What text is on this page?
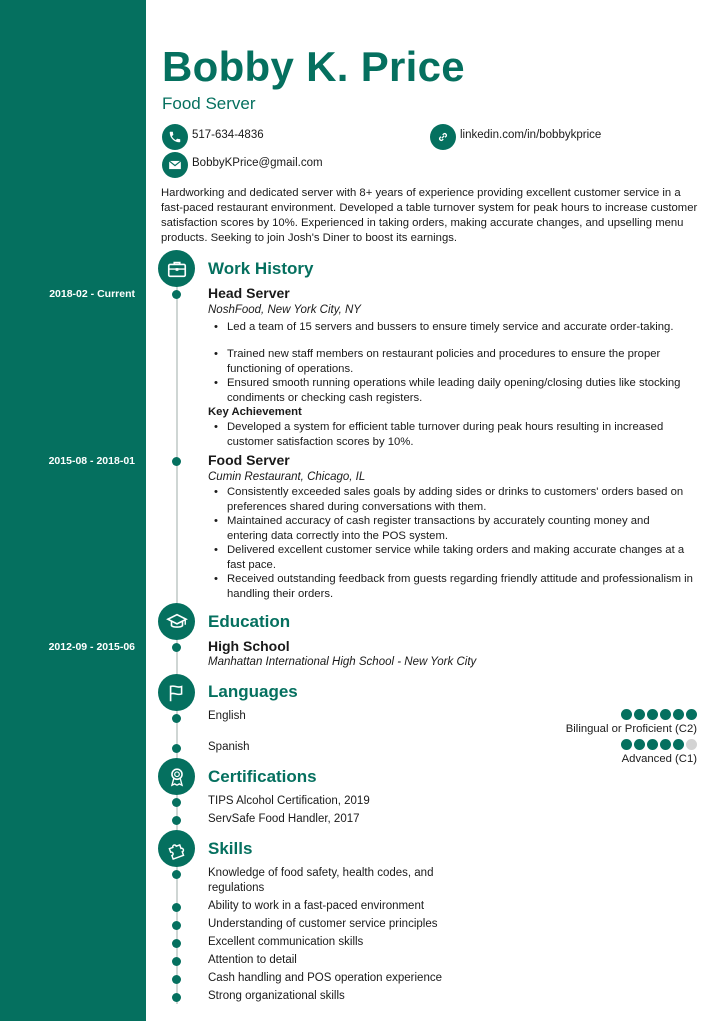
Bobby K. Price
Food Server
517-634-4836
BobbyKPrice@gmail.com
linkedin.com/in/bobbykprice
Hardworking and dedicated server with 8+ years of experience providing excellent customer service in a fast-paced restaurant environment. Developed a table turnover system for peak hours to increase customer satisfaction scores by 10%. Experienced in taking orders, making accurate changes, and upselling menu products. Seeking to join Josh's Diner to boost its earnings.
Work History
2018-02 - Current	Head Server
NoshFood, New York City, NY
• Led a team of 15 servers and bussers to ensure timely service and accurate order-taking.
• Trained new staff members on restaurant policies and procedures to ensure the proper functioning of operations.
• Ensured smooth running operations while leading daily opening/closing duties like stocking condiments or checking cash registers.
Key Achievement
• Developed a system for efficient table turnover during peak hours resulting in increased customer satisfaction scores by 10%.
2015-08 - 2018-01	Food Server
Cumin Restaurant, Chicago, IL
• Consistently exceeded sales goals by adding sides or drinks to customers' orders based on preferences shared during conversations with them.
• Maintained accuracy of cash register transactions by accurately counting money and entering data correctly into the POS system.
• Delivered excellent customer service while taking orders and making accurate changes at a fast pace.
• Received outstanding feedback from guests regarding friendly attitude and professionalism in handling their orders.
Education
2012-09 - 2015-06	High School
Manhattan International High School - New York City
Languages
English
Bilingual or Proficient (C2)
Spanish
Advanced (C1)
Certifications
TIPS Alcohol Certification, 2019
ServSafe Food Handler, 2017
Skills
Knowledge of food safety, health codes, and regulations
Ability to work in a fast-paced environment
Understanding of customer service principles
Excellent communication skills
Attention to detail
Cash handling and POS operation experience
Strong organizational skills
